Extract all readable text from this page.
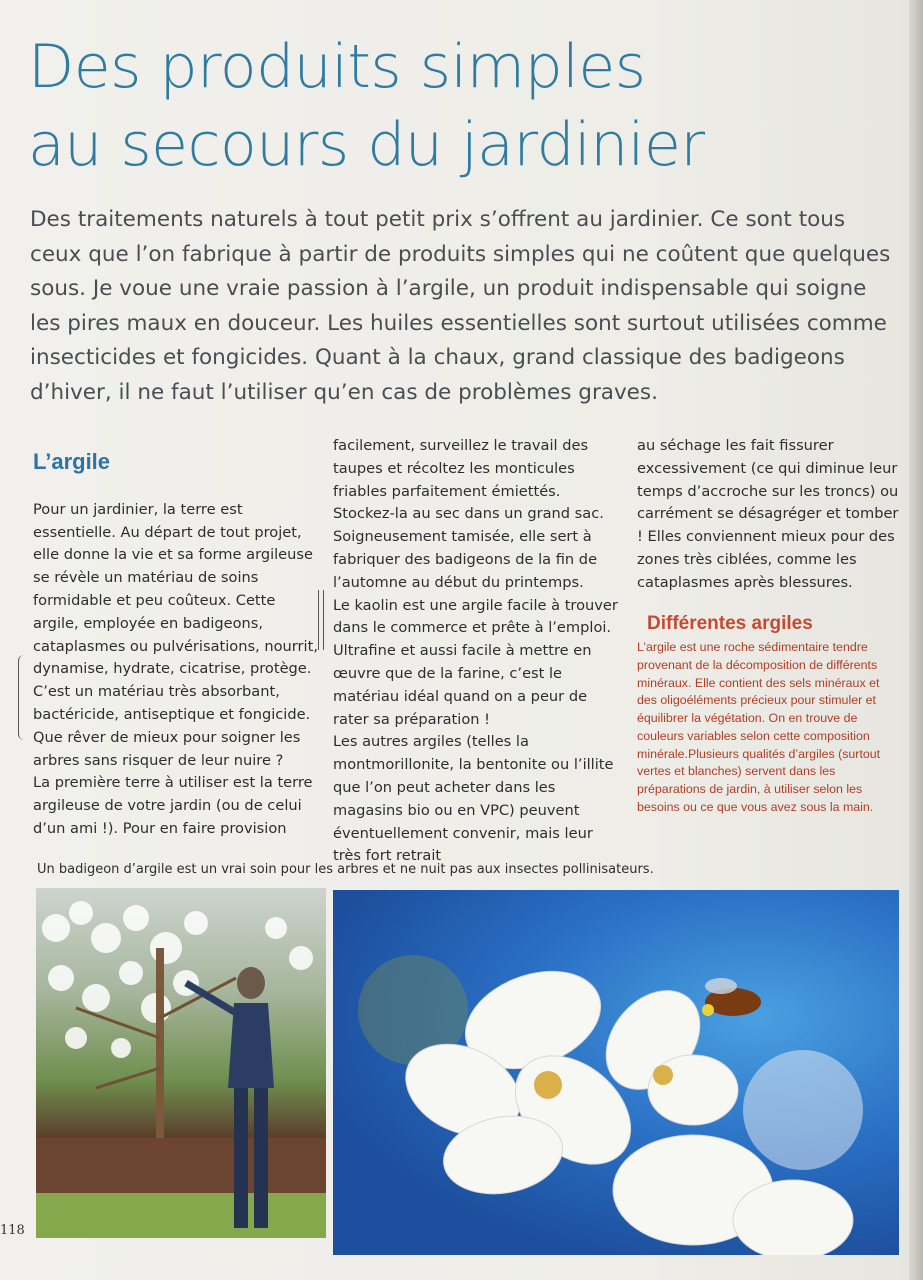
Des produits simples
au secours du jardinier

Des traitements naturels à tout petit prix s’offrent au jardinier. Ce sont tous ceux que l’on fabrique à partir de produits simples qui ne coûtent que quelques sous. Je voue une vraie passion à l’argile, un produit indispensable qui soigne les pires maux en douceur. Les huiles essentielles sont surtout utilisées comme insecticides et fongicides. Quant à la chaux, grand classique des badigeons d’hiver, il ne faut l’utiliser qu’en cas de problèmes graves.

L’argile

Pour un jardinier, la terre est essentielle. Au départ de tout projet, elle donne la vie et sa forme argileuse se révèle un matériau de soins formidable et peu coûteux. Cette argile, employée en badigeons, cataplasmes ou pulvérisations, nourrit, dynamise, hydrate, cicatrise, protège. C’est un matériau très absorbant, bactéricide, antiseptique et fongicide. Que rêver de mieux pour soigner les arbres sans risquer de leur nuire ?

La première terre à utiliser est la terre argileuse de votre jardin (ou de celui d’un ami !). Pour en faire provision

facilement, surveillez le travail des taupes et récoltez les monticules friables parfaitement émiettés. Stockez-la au sec dans un grand sac. Soigneusement tamisée, elle sert à fabriquer des badigeons de la fin de l’automne au début du printemps.

Le kaolin est une argile facile à trouver dans le commerce et prête à l’emploi. Ultrafine et aussi facile à mettre en œuvre que de la farine, c’est le matériau idéal quand on a peur de rater sa préparation !

Les autres argiles (telles la montmorillonite, la bentonite ou l’illite que l’on peut acheter dans les magasins bio ou en VPC) peuvent éventuellement convenir, mais leur très fort retrait

au séchage les fait fissurer excessivement (ce qui diminue leur temps d’accroche sur les troncs) ou carrément se désagréger et tomber ! Elles conviennent mieux pour des zones très ciblées, comme les cataplasmes après blessures.

Différentes argiles

L’argile est une roche sédimentaire tendre provenant de la décomposition de différents minéraux. Elle contient des sels minéraux et des oligoéléments précieux pour stimuler et équilibrer la végétation. On en trouve de couleurs variables selon cette composition minérale.Plusieurs qualités d’argiles (surtout vertes et blanches) servent dans les préparations de jardin, à utiliser selon les besoins ou ce que vous avez sous la main.

Un badigeon d’argile est un vrai soin pour les arbres et ne nuit pas aux insectes pollinisateurs.

118
